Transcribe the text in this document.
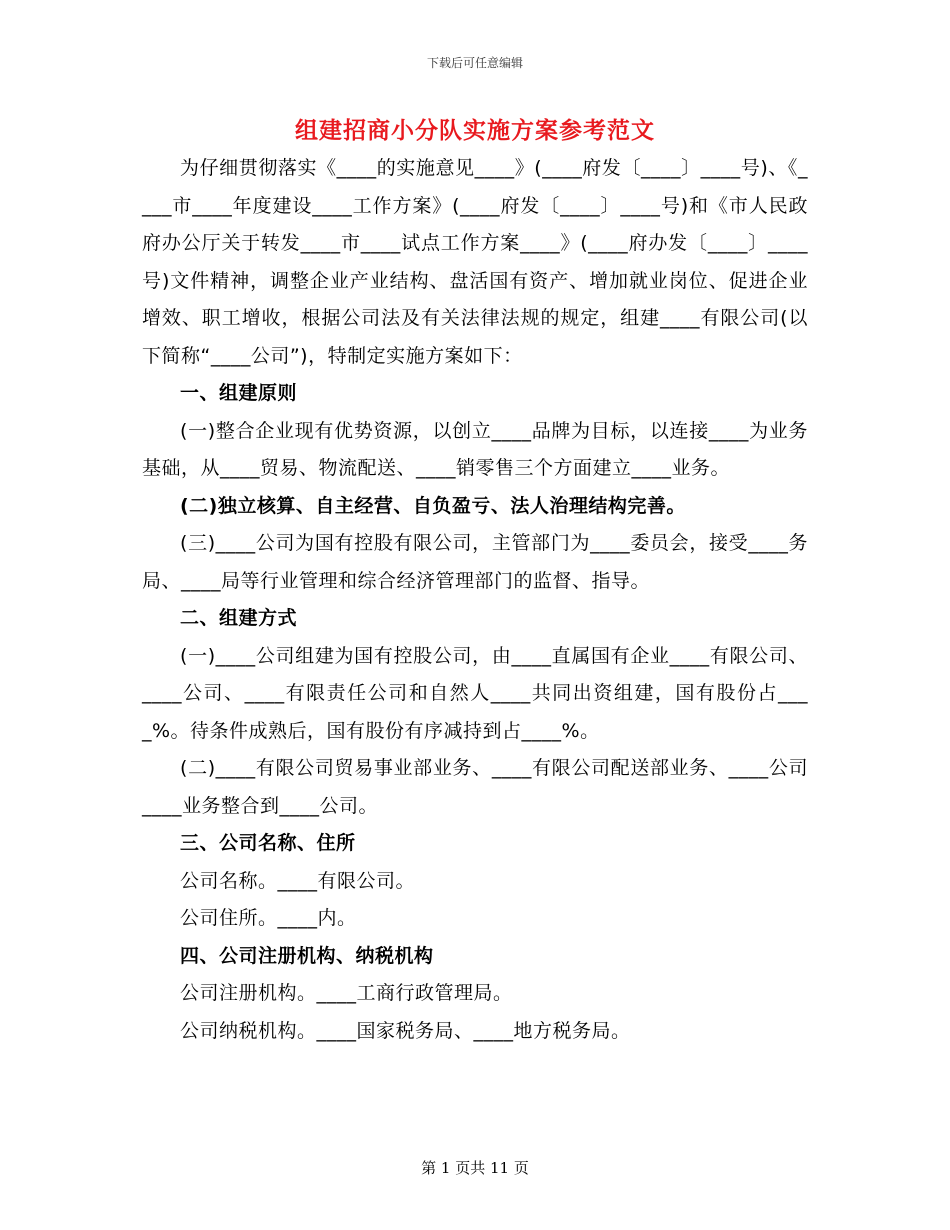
下载后可任意编辑
组建招商小分队实施方案参考范文

为仔细贯彻落实《____的实施意见____》(____府发〔____〕____号)、《____市____年度建设____工作方案》(____府发〔____〕____号)和《市人民政府办公厅关于转发____市____试点工作方案____》(____府办发〔____〕____号)文件精神，调整企业产业结构、盘活国有资产、增加就业岗位、促进企业增效、职工增收，根据公司法及有关法律法规的规定，组建____有限公司(以下简称“____公司”)，特制定实施方案如下：

一、组建原则

(一)整合企业现有优势资源，以创立____品牌为目标，以连接____为业务基础，从____贸易、物流配送、____销零售三个方面建立____业务。

(二)独立核算、自主经营、自负盈亏、法人治理结构完善。

(三)____公司为国有控股有限公司，主管部门为____委员会，接受____务局、____局等行业管理和综合经济管理部门的监督、指导。

二、组建方式

(一)____公司组建为国有控股公司，由____直属国有企业____有限公司、____公司、____有限责任公司和自然人____共同出资组建，国有股份占____%。待条件成熟后，国有股份有序减持到占____%。

(二)____有限公司贸易事业部业务、____有限公司配送部业务、____公司____业务整合到____公司。

三、公司名称、住所

公司名称。____有限公司。

公司住所。____内。

四、公司注册机构、纳税机构

公司注册机构。____工商行政管理局。

公司纳税机构。____国家税务局、____地方税务局。

第 1 页共 11 页
